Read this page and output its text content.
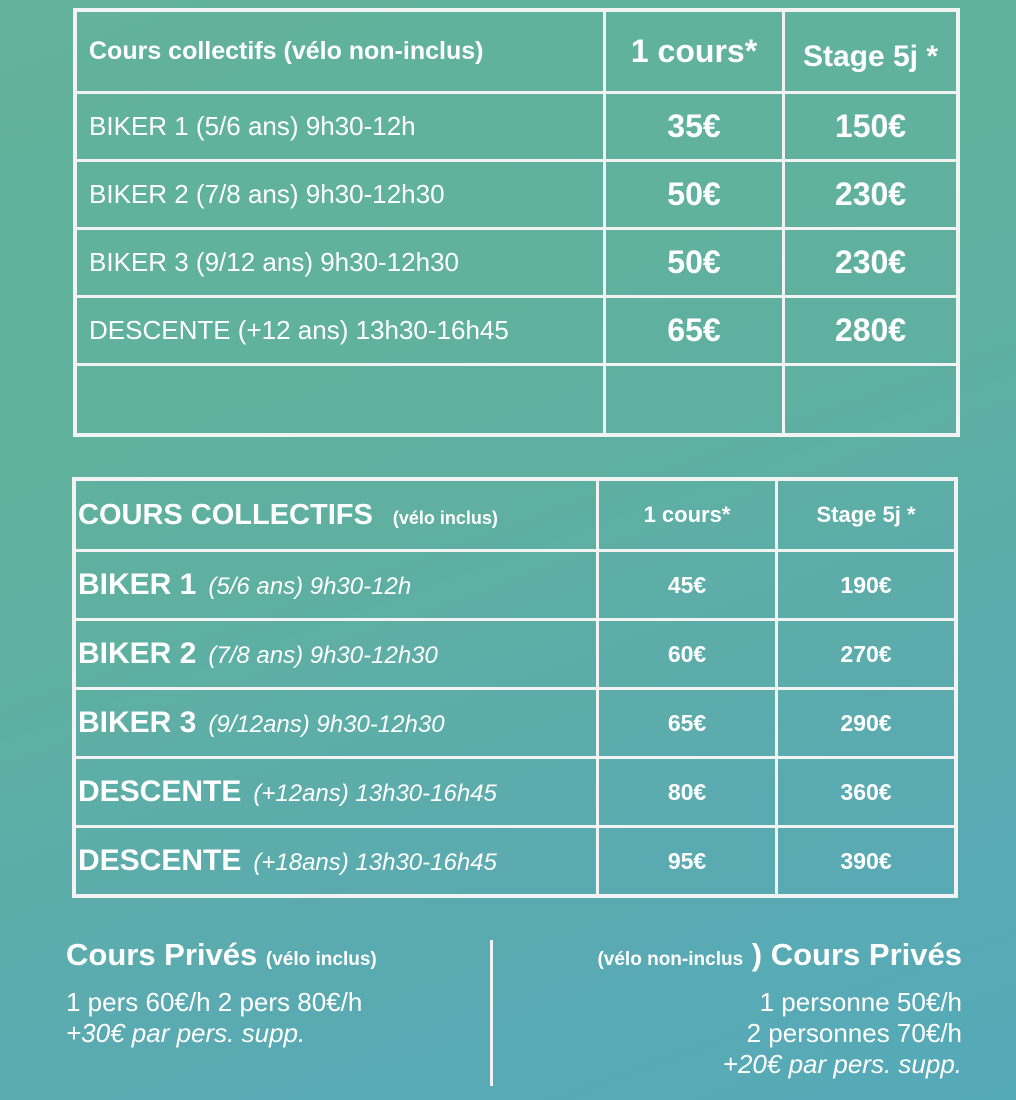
Cours collectifs (vélo non-inclus)	1 cours*	Stage 5j *
BIKER 1 (5/6 ans) 9h30-12h	35€	150€
BIKER 2 (7/8 ans) 9h30-12h30	50€	230€
BIKER 3 (9/12 ans) 9h30-12h30	50€	230€
DESCENTE (+12 ans) 13h30-16h45	65€	280€

COURS COLLECTIFS (vélo inclus)	1 cours*	Stage 5j *
BIKER 1 (5/6 ans) 9h30-12h	45€	190€
BIKER 2 (7/8 ans) 9h30-12h30	60€	270€
BIKER 3 (9/12ans) 9h30-12h30	65€	290€
DESCENTE (+12ans) 13h30-16h45	80€	360€
DESCENTE (+18ans) 13h30-16h45	95€	390€
Cours Privés (vélo inclus)
1 pers 60€/h 2 pers 80€/h +30€ par pers. supp.
(vélo non-inclus ) Cours Privés
1 personne 50€/h
2 personnes 70€/h
+20€ par pers. supp.
